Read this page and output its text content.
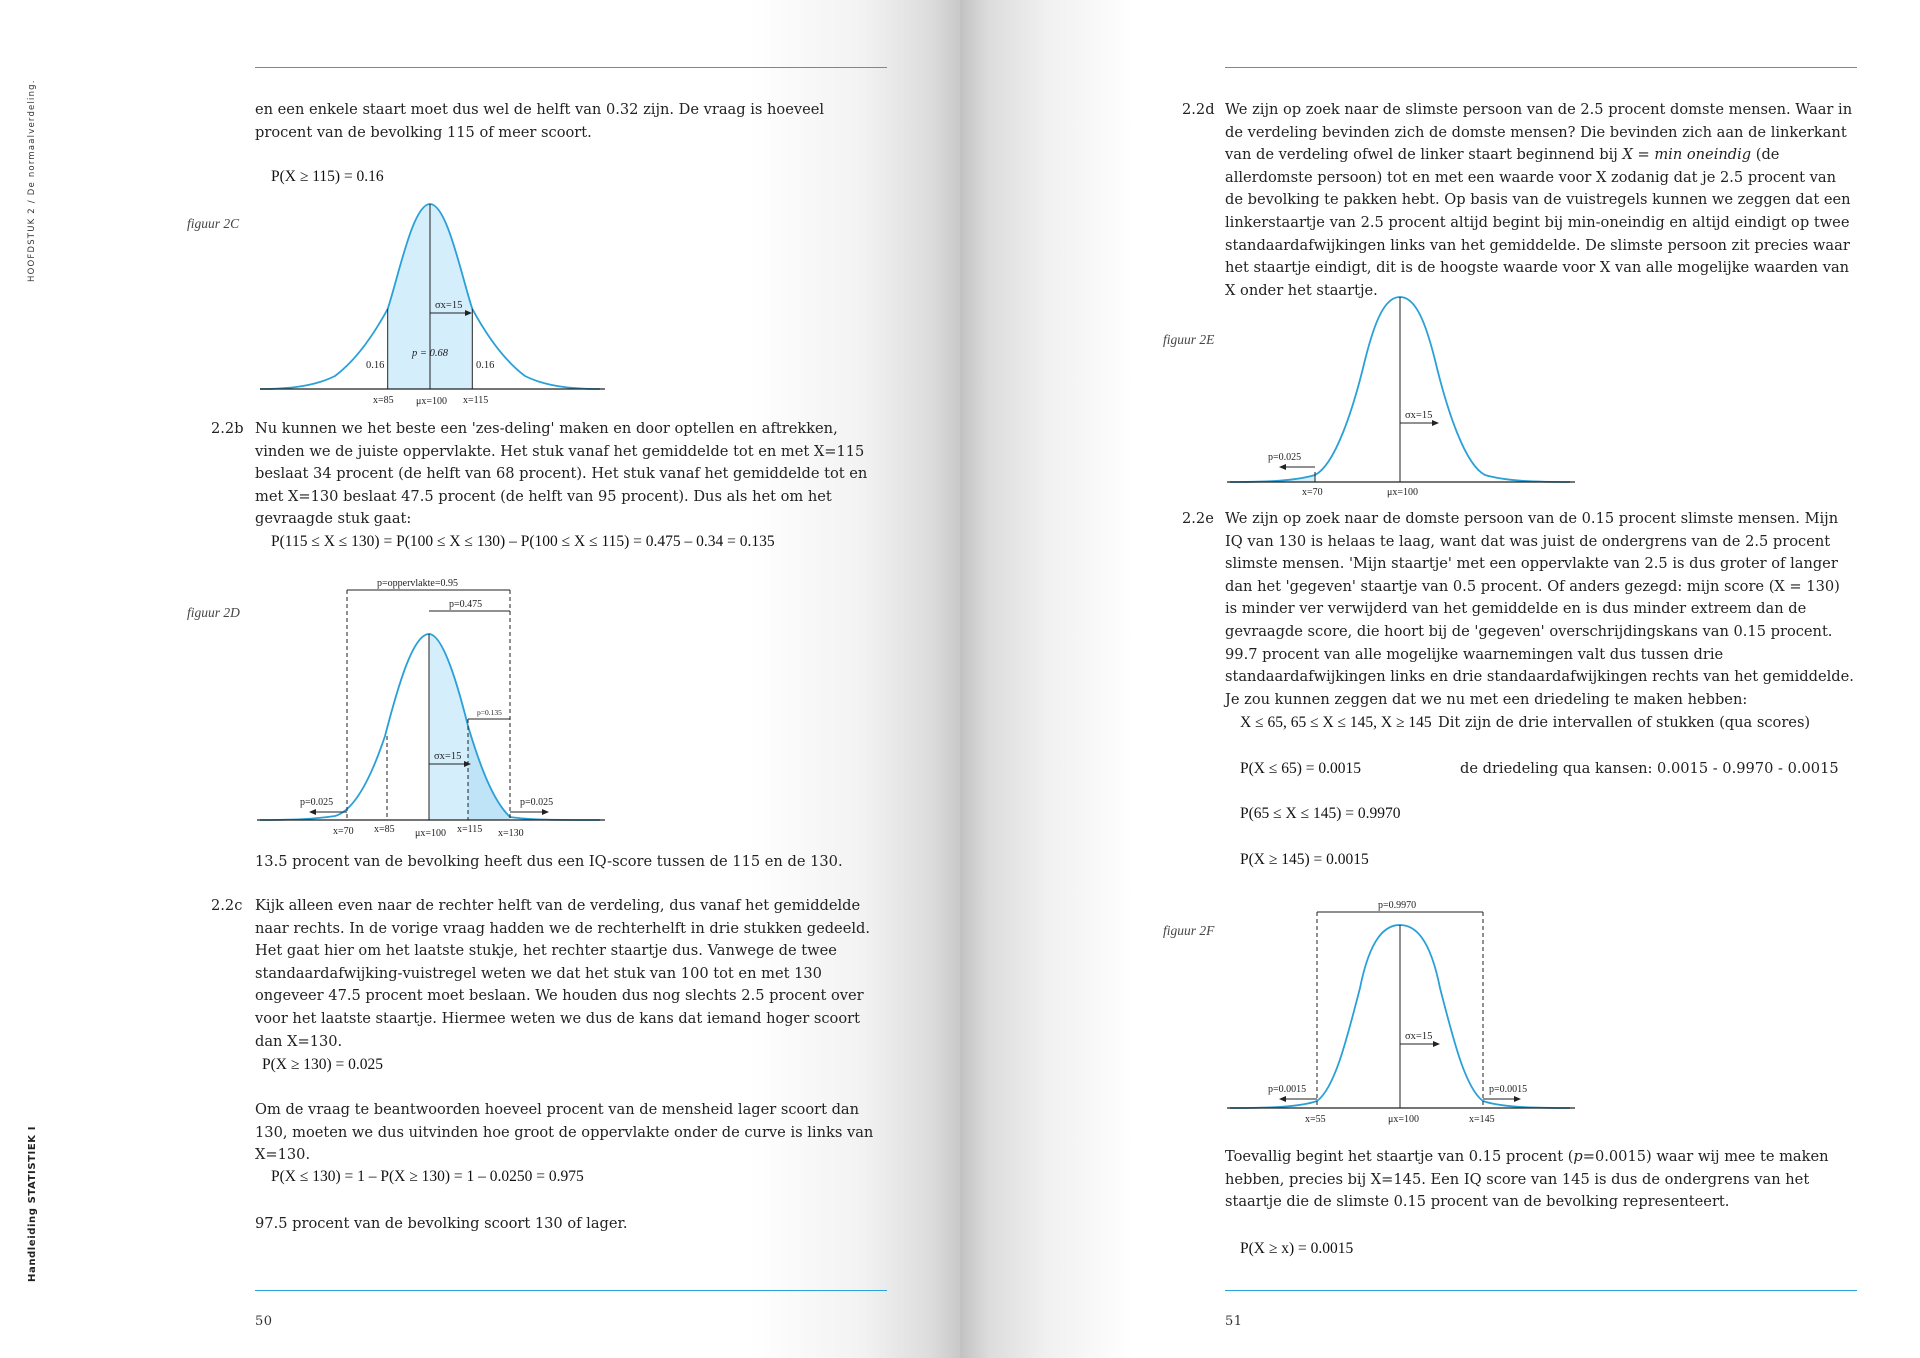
HOOFDSTUK 2 / De normaalverdeling.
Handleiding STATISTIEK I
en een enkele staart moet dus wel de helft van 0.32 zijn. De vraag is hoeveel procent van de bevolking 115 of meer scoort.
P(X ≥ 115) = 0.16
figuur 2C
σx=15
p = 0.68
0.16	0.16
x=85 μx=100 x=115
2.2b Nu kunnen we het beste een 'zes-deling' maken en door optellen en aftrekken, vinden we de juiste oppervlakte. Het stuk vanaf het gemiddelde tot en met X=115 beslaat 34 procent (de helft van 68 procent). Het stuk vanaf het gemiddelde tot en met X=130 beslaat 47.5 procent (de helft van 95 procent). Dus als het om het gevraagde stuk gaat:
P(115 ≤ X ≤ 130) = P(100 ≤ X ≤ 130) – P(100 ≤ X ≤ 115) = 0.475 – 0.34 = 0.135
figuur 2D
p=oppervlakte=0.95
p=0.475
p=0.135
σx=15
p=0.025	p=0.025
x=70 x=85 μx=100 x=115 x=130
13.5 procent van de bevolking heeft dus een IQ-score tussen de 115 en de 130.
2.2c Kijk alleen even naar de rechter helft van de verdeling, dus vanaf het gemiddelde naar rechts. In de vorige vraag hadden we de rechterhelft in drie stukken gedeeld. Het gaat hier om het laatste stukje, het rechter staartje dus. Vanwege de twee standaardafwijking-vuistregel weten we dat het stuk van 100 tot en met 130 ongeveer 47.5 procent moet beslaan. We houden dus nog slechts 2.5 procent over voor het laatste staartje. Hiermee weten we dus de kans dat iemand hoger scoort dan X=130.
P(X ≥ 130) = 0.025
Om de vraag te beantwoorden hoeveel procent van de mensheid lager scoort dan 130, moeten we dus uitvinden hoe groot de oppervlakte onder de curve is links van X=130.
P(X ≤ 130) = 1 – P(X ≥ 130) = 1 – 0.0250 = 0.975
97.5 procent van de bevolking scoort 130 of lager.
50
2.2d We zijn op zoek naar de slimste persoon van de 2.5 procent domste mensen. Waar in de verdeling bevinden zich de domste mensen? Die bevinden zich aan de linkerkant van de verdeling ofwel de linker staart beginnend bij X = min oneindig (de allerdomste persoon) tot en met een waarde voor X zodanig dat je 2.5 procent van de bevolking te pakken hebt. Op basis van de vuistregels kunnen we zeggen dat een linkerstaartje van 2.5 procent altijd begint bij min-oneindig en altijd eindigt op twee standaardafwijkingen links van het gemiddelde. De slimste persoon zit precies waar het staartje eindigt, dit is de hoogste waarde voor X van alle mogelijke waarden van X onder het staartje.
figuur 2E
σx=15
p=0.025
x=70	μx=100
2.2e We zijn op zoek naar de domste persoon van de 0.15 procent slimste mensen. Mijn IQ van 130 is helaas te laag, want dat was juist de ondergrens van de 2.5 procent slimste mensen. 'Mijn staartje' met een oppervlakte van 2.5 is dus groter of langer dan het 'gegeven' staartje van 0.5 procent. Of anders gezegd: mijn score (X = 130) is minder ver verwijderd van het gemiddelde en is dus minder extreem dan de gevraagde score, die hoort bij de 'gegeven' overschrijdingskans van 0.15 procent. 99.7 procent van alle mogelijke waarnemingen valt dus tussen drie standaardafwijkingen links en drie standaardafwijkingen rechts van het gemiddelde. Je zou kunnen zeggen dat we nu met een driedeling te maken hebben:
X ≤ 65, 65 ≤ X ≤ 145, X ≥ 145 Dit zijn de drie intervallen of stukken (qua scores)
P(X ≤ 65) = 0.0015	de driedeling qua kansen: 0.0015 - 0.9970 - 0.0015
P(65 ≤ X ≤ 145) = 0.9970
P(X ≥ 145) = 0.0015
figuur 2F
p=0.9970
σx=15
p=0.0015	p=0.0015
x=55	μx=100	x=145
Toevallig begint het staartje van 0.15 procent (p=0.0015) waar wij mee te maken hebben, precies bij X=145. Een IQ score van 145 is dus de ondergrens van het staartje die de slimste 0.15 procent van de bevolking representeert.
P(X ≥ x) = 0.0015
51
